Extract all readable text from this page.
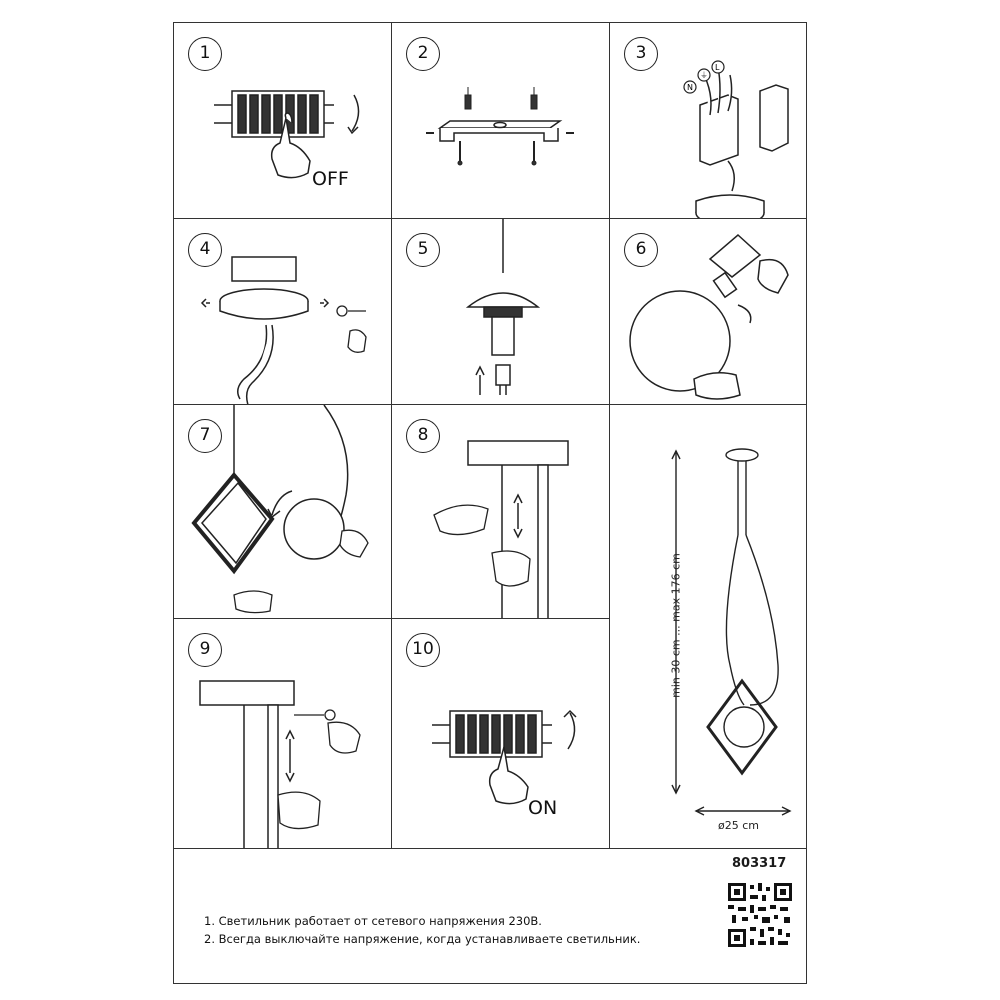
1
OFF
2	3
N
⏚
L
4	5	6
7	8
min 30 cm ... max 176 cm
ø25 cm
9	10
ON
803317
1. Светильник работает от сетевого напряжения 230В.
2. Всегда выключайте напряжение, когда устанавливаете светильник.
